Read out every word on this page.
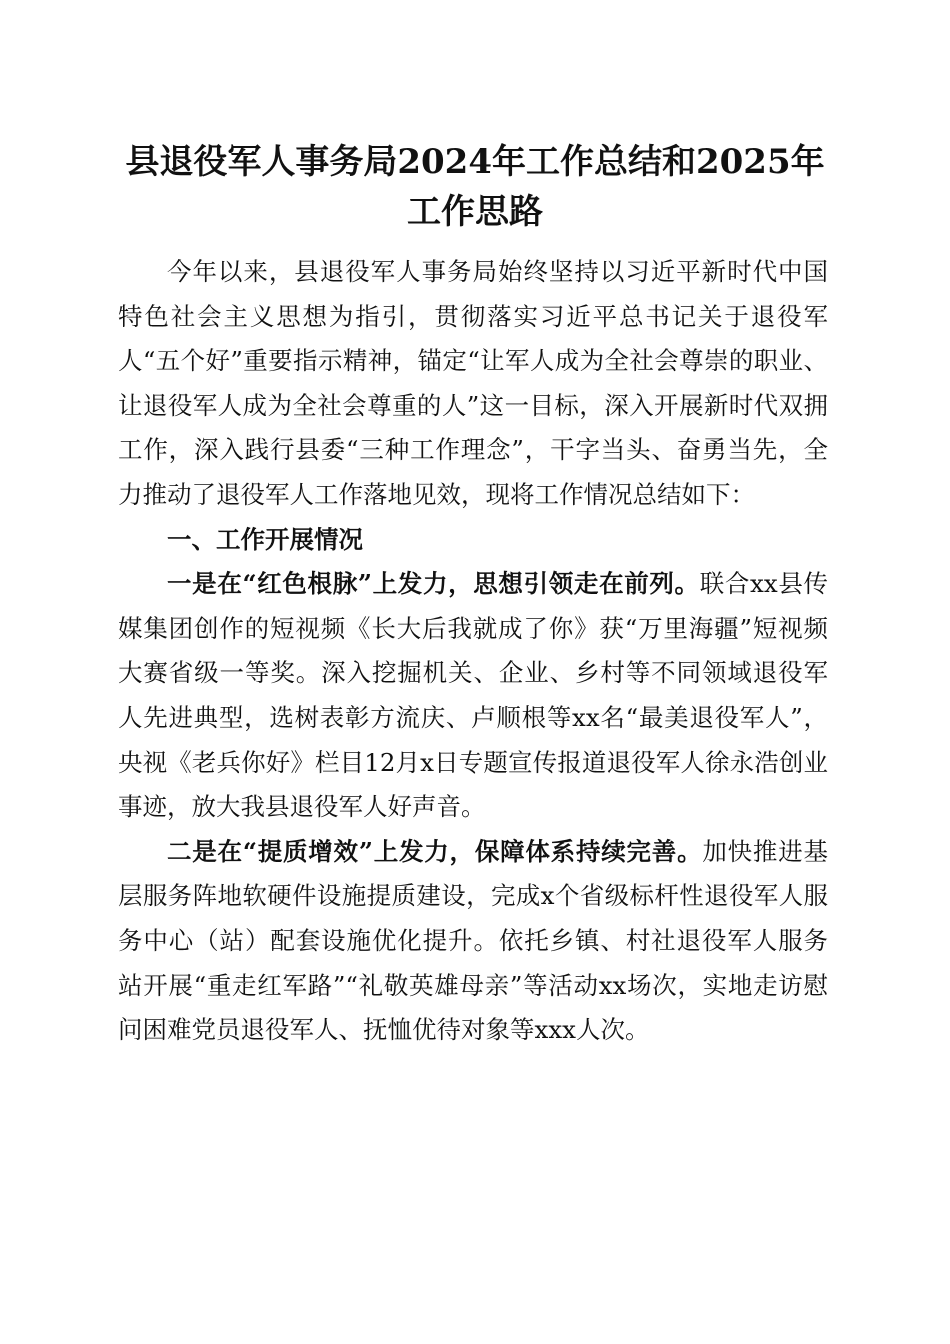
县退役军人事务局2024年工作总结和2025年工作思路

今年以来，县退役军人事务局始终坚持以习近平新时代中国特色社会主义思想为指引，贯彻落实习近平总书记关于退役军人“五个好”重要指示精神，锚定“让军人成为全社会尊崇的职业、让退役军人成为全社会尊重的人”这一目标，深入开展新时代双拥工作，深入践行县委“三种工作理念”，干字当头、奋勇当先，全力推动了退役军人工作落地见效，现将工作情况总结如下：

一、工作开展情况

一是在“红色根脉”上发力，思想引领走在前列。联合xx县传媒集团创作的短视频《长大后我就成了你》获“万里海疆”短视频大赛省级一等奖。深入挖掘机关、企业、乡村等不同领域退役军人先进典型，选树表彰方流庆、卢顺根等xx名“最美退役军人”，央视《老兵你好》栏目12月x日专题宣传报道退役军人徐永浩创业事迹，放大我县退役军人好声音。

二是在“提质增效”上发力，保障体系持续完善。加快推进基层服务阵地软硬件设施提质建设，完成x个省级标杆性退役军人服务中心（站）配套设施优化提升。依托乡镇、村社退役军人服务站开展“重走红军路”“礼敬英雄母亲”等活动xx场次，实地走访慰问困难党员退役军人、抚恤优待对象等xxx人次。
